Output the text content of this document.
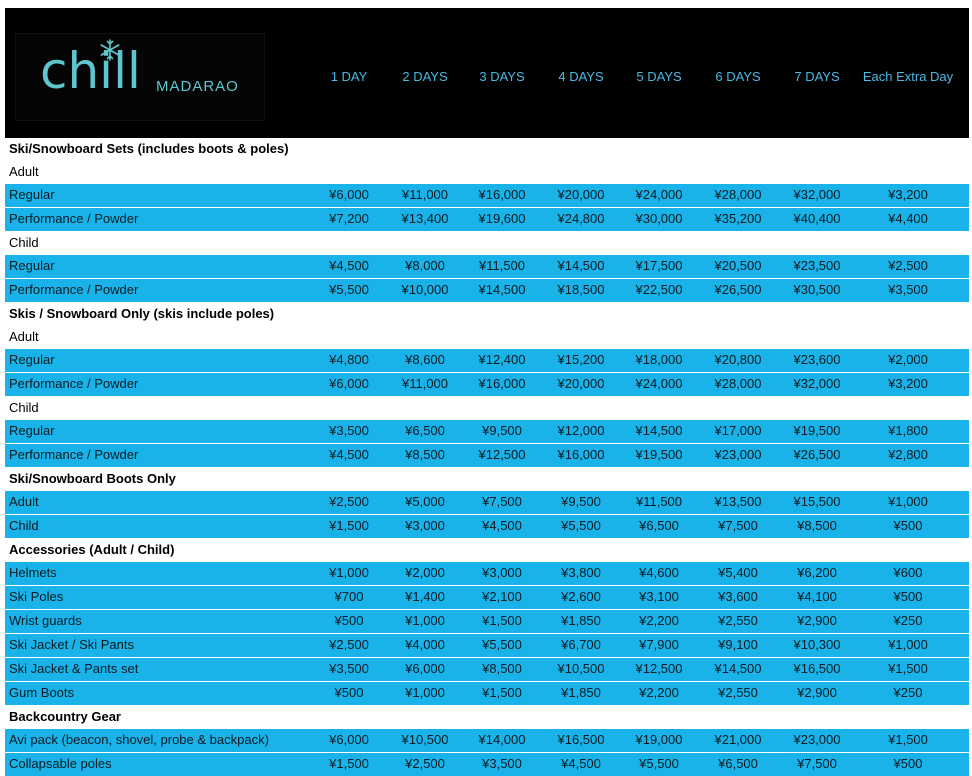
chill MADARAO
1 DAY	2 DAYS 3 DAYS	4 DAYS	5 DAYS	6 DAYS	7 DAYS Each Extra Day
Ski/Snowboard Sets (includes boots & poles)
Adult
Regular	¥6,000	¥11,000 ¥16,000 ¥20,000 ¥24,000 ¥28,000 ¥32,000	¥3,200
Performance / Powder	¥7,200	¥13,400 ¥19,600 ¥24,800 ¥30,000 ¥35,200 ¥40,400	¥4,400
Child
Regular	¥4,500	¥8,000	¥11,500 ¥14,500 ¥17,500 ¥20,500 ¥23,500	¥2,500
Performance / Powder	¥5,500	¥10,000 ¥14,500 ¥18,500 ¥22,500 ¥26,500 ¥30,500	¥3,500
Skis / Snowboard Only (skis include poles)
Adult
Regular	¥4,800	¥8,600	¥12,400 ¥15,200 ¥18,000 ¥20,800 ¥23,600	¥2,000
Performance / Powder	¥6,000	¥11,000 ¥16,000 ¥20,000 ¥24,000 ¥28,000 ¥32,000	¥3,200
Child
Regular	¥3,500	¥6,500	¥9,500	¥12,000 ¥14,500 ¥17,000 ¥19,500	¥1,800
Performance / Powder	¥4,500	¥8,500	¥12,500 ¥16,000 ¥19,500 ¥23,000 ¥26,500	¥2,800
Ski/Snowboard Boots Only
Adult	¥2,500	¥5,000	¥7,500	¥9,500	¥11,500 ¥13,500 ¥15,500	¥1,000
Child	¥1,500	¥3,000	¥4,500	¥5,500	¥6,500	¥7,500	¥8,500	¥500
Accessories (Adult / Child)
Helmets	¥1,000	¥2,000	¥3,000	¥3,800	¥4,600	¥5,400	¥6,200	¥600
Ski Poles	¥700	¥1,400	¥2,100	¥2,600	¥3,100	¥3,600	¥4,100	¥500
Wrist guards	¥500	¥1,000	¥1,500	¥1,850	¥2,200	¥2,550	¥2,900	¥250
Ski Jacket / Ski Pants	¥2,500	¥4,000	¥5,500	¥6,700	¥7,900	¥9,100	¥10,300	¥1,000
Ski Jacket & Pants set	¥3,500	¥6,000	¥8,500	¥10,500 ¥12,500 ¥14,500 ¥16,500	¥1,500
Gum Boots	¥500	¥1,000	¥1,500	¥1,850	¥2,200	¥2,550	¥2,900	¥250
Backcountry Gear
Avi pack (beacon, shovel, probe & backpack)	¥6,000	¥10,500 ¥14,000 ¥16,500 ¥19,000 ¥21,000 ¥23,000	¥1,500
Collapsable poles	¥1,500	¥2,500	¥3,500	¥4,500	¥5,500	¥6,500	¥7,500	¥500
